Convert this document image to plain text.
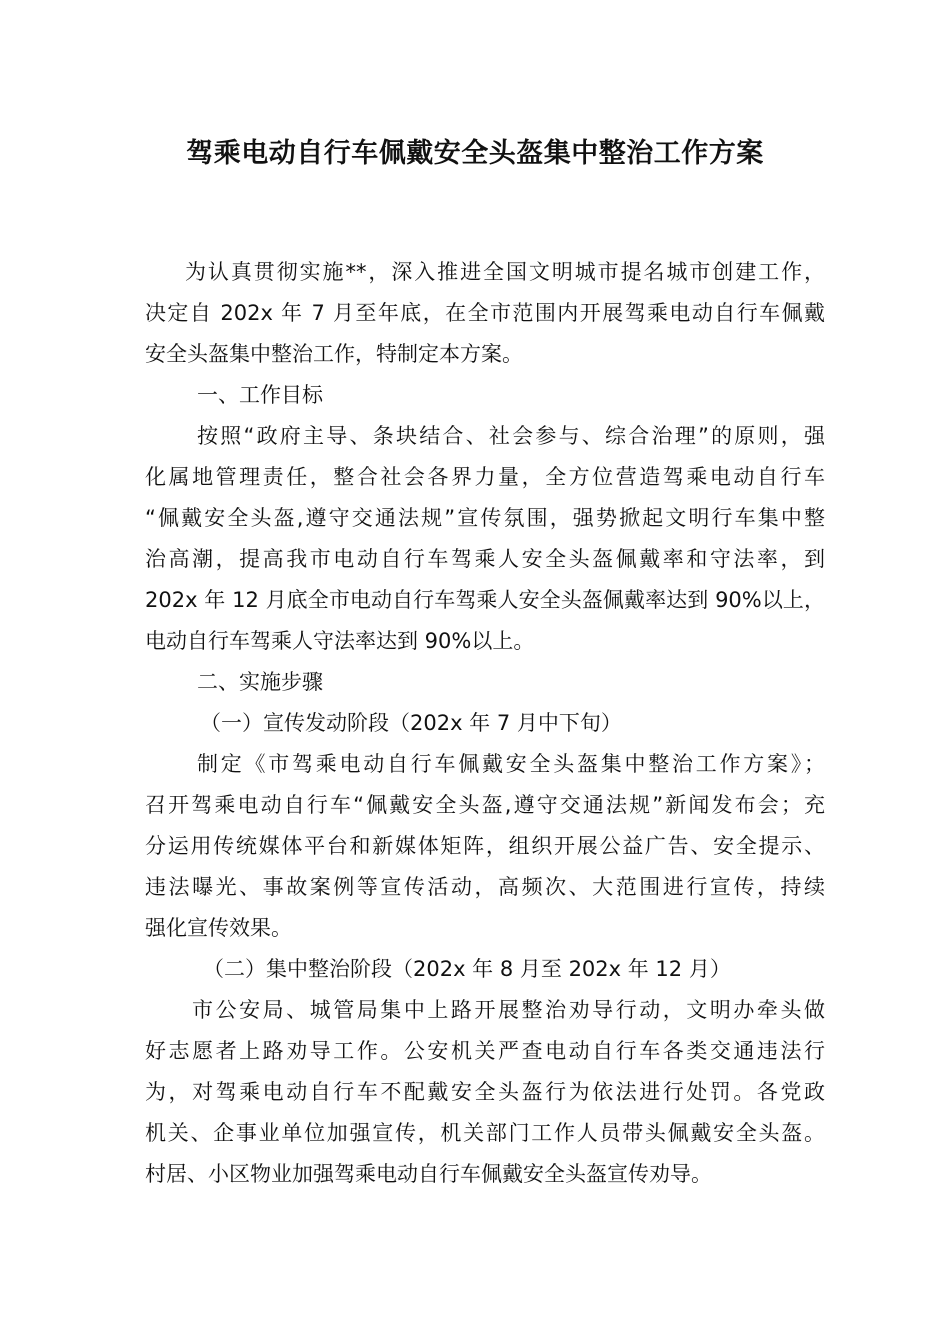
驾乘电动自行车佩戴安全头盔集中整治工作方案
为认真贯彻实施**，深入推进全国文明城市提名城市创建工作，
决定自 202x 年 7 月至年底，在全市范围内开展驾乘电动自行车佩戴
安全头盔集中整治工作，特制定本方案。
一、工作目标
按照“政府主导、条块结合、社会参与、综合治理”的原则，强
化属地管理责任，整合社会各界力量，全方位营造驾乘电动自行车
“佩戴安全头盔,遵守交通法规”宣传氛围，强势掀起文明行车集中整
治高潮，提高我市电动自行车驾乘人安全头盔佩戴率和守法率，到
202x 年 12 月底全市电动自行车驾乘人安全头盔佩戴率达到 90%以上，
电动自行车驾乘人守法率达到 90%以上。
二、实施步骤
（一）宣传发动阶段（202x 年 7 月中下旬）
制定《市驾乘电动自行车佩戴安全头盔集中整治工作方案》；
召开驾乘电动自行车“佩戴安全头盔,遵守交通法规”新闻发布会；充
分运用传统媒体平台和新媒体矩阵，组织开展公益广告、安全提示、
违法曝光、事故案例等宣传活动，高频次、大范围进行宣传，持续
强化宣传效果。
（二）集中整治阶段（202x 年 8 月至 202x 年 12 月）
市公安局、城管局集中上路开展整治劝导行动，文明办牵头做
好志愿者上路劝导工作。公安机关严查电动自行车各类交通违法行
为，对驾乘电动自行车不配戴安全头盔行为依法进行处罚。各党政
机关、企事业单位加强宣传，机关部门工作人员带头佩戴安全头盔。
村居、小区物业加强驾乘电动自行车佩戴安全头盔宣传劝导。
